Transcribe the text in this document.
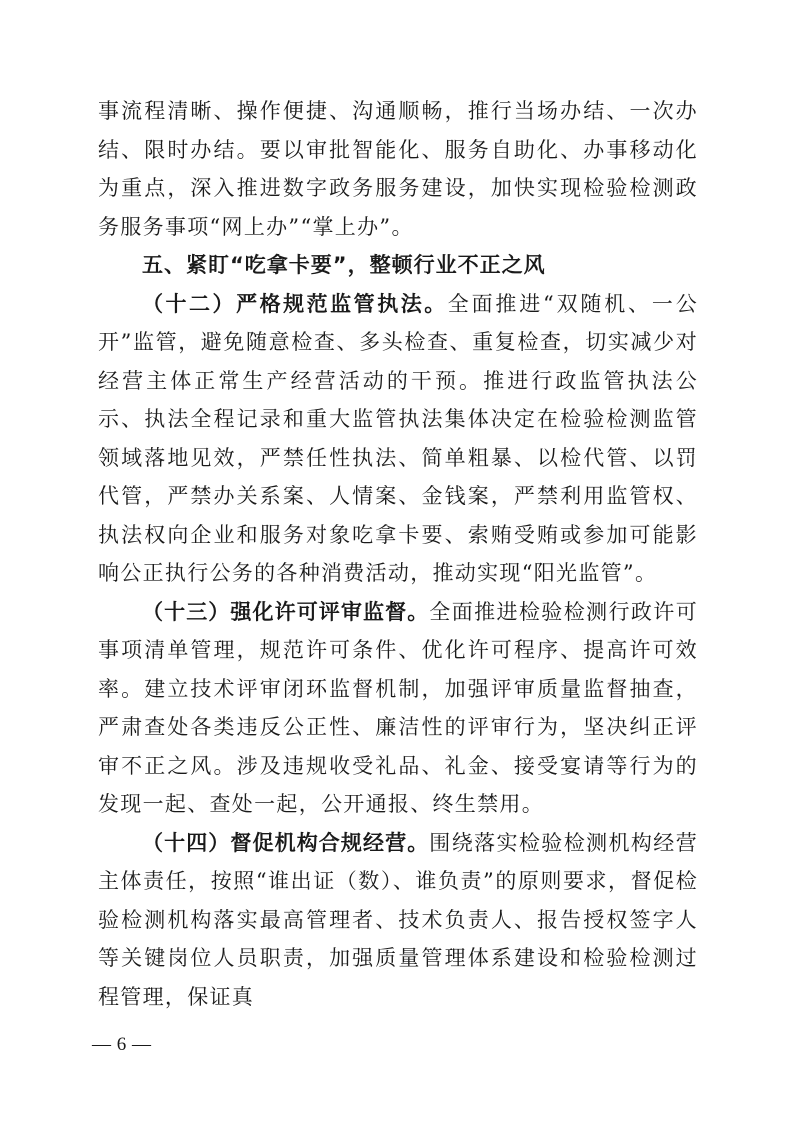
事流程清晰、操作便捷、沟通顺畅，推行当场办结、一次办结、限时办结。要以审批智能化、服务自助化、办事移动化为重点，深入推进数字政务服务建设，加快实现检验检测政务服务事项“网上办”“掌上办”。

五、紧盯“吃拿卡要”，整顿行业不正之风

（十二）严格规范监管执法。全面推进“双随机、一公开”监管，避免随意检查、多头检查、重复检查，切实减少对经营主体正常生产经营活动的干预。推进行政监管执法公示、执法全程记录和重大监管执法集体决定在检验检测监管领域落地见效，严禁任性执法、简单粗暴、以检代管、以罚代管，严禁办关系案、人情案、金钱案，严禁利用监管权、执法权向企业和服务对象吃拿卡要、索贿受贿或参加可能影响公正执行公务的各种消费活动，推动实现“阳光监管”。

（十三）强化许可评审监督。全面推进检验检测行政许可事项清单管理，规范许可条件、优化许可程序、提高许可效率。建立技术评审闭环监督机制，加强评审质量监督抽查，严肃查处各类违反公正性、廉洁性的评审行为，坚决纠正评审不正之风。涉及违规收受礼品、礼金、接受宴请等行为的发现一起、查处一起，公开通报、终生禁用。

（十四）督促机构合规经营。围绕落实检验检测机构经营主体责任，按照“谁出证（数）、谁负责”的原则要求，督促检验检测机构落实最高管理者、技术负责人、报告授权签字人等关键岗位人员职责，加强质量管理体系建设和检验检测过程管理，保证真

— 6 —
